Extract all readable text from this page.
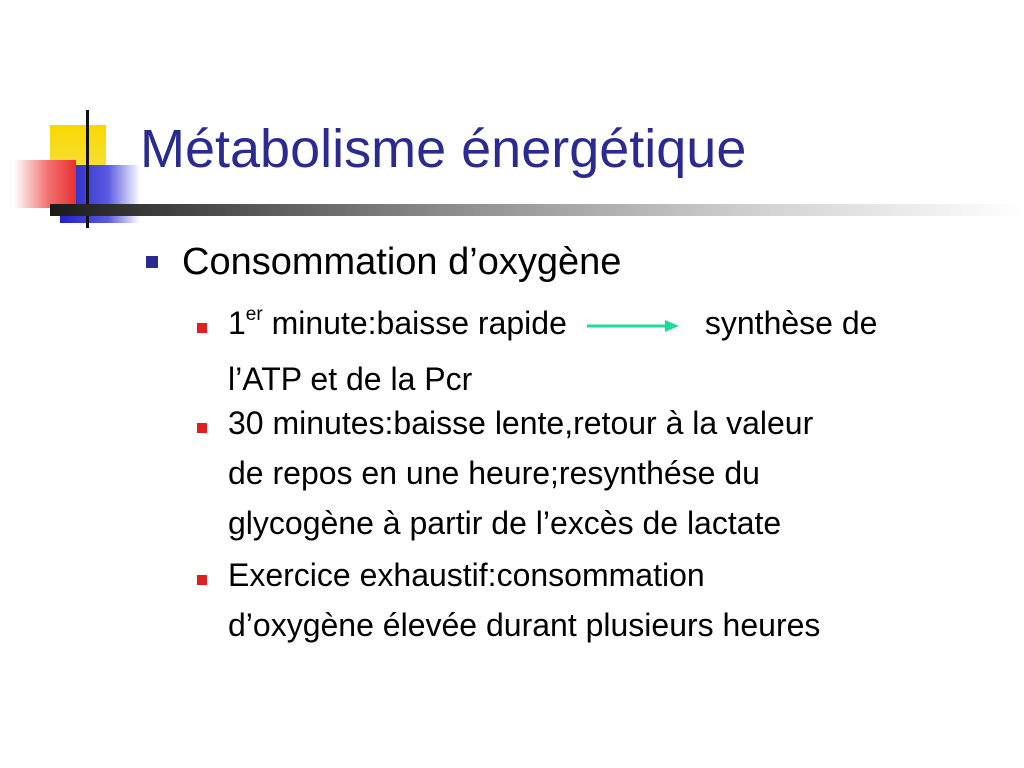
Métabolisme énergétique
Consommation d’oxygène
1er minute:baisse rapide	synthèse de
l’ATP et de la Pcr
30 minutes:baisse lente,retour à la valeur
de repos en une heure;resynthése du
glycogène à partir de l’excès de lactate
Exercice exhaustif:consommation
d’oxygène élevée durant plusieurs heures
